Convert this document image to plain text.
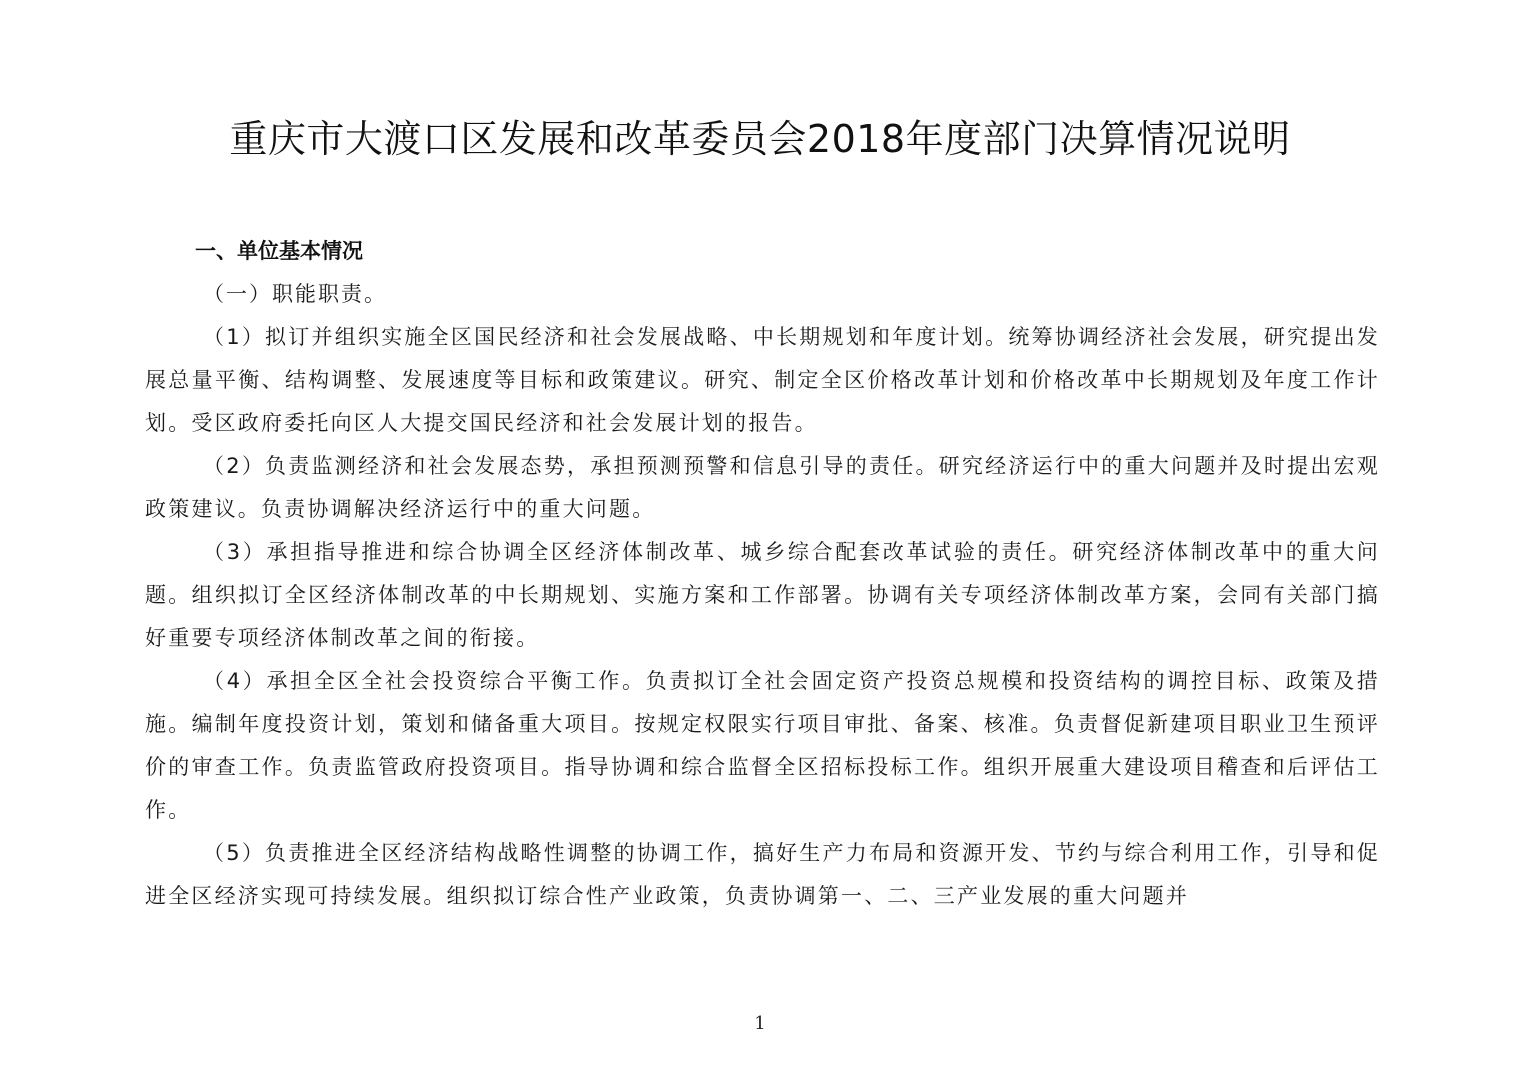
重庆市大渡口区发展和改革委员会2018年度部门决算情况说明
一、单位基本情况

（一）职能职责。

（1）拟订并组织实施全区国民经济和社会发展战略、中长期规划和年度计划。统筹协调经济社会发展，研究提出发展总量平衡、结构调整、发展速度等目标和政策建议。研究、制定全区价格改革计划和价格改革中长期规划及年度工作计划。受区政府委托向区人大提交国民经济和社会发展计划的报告。

（2）负责监测经济和社会发展态势，承担预测预警和信息引导的责任。研究经济运行中的重大问题并及时提出宏观政策建议。负责协调解决经济运行中的重大问题。

（3）承担指导推进和综合协调全区经济体制改革、城乡综合配套改革试验的责任。研究经济体制改革中的重大问题。组织拟订全区经济体制改革的中长期规划、实施方案和工作部署。协调有关专项经济体制改革方案，会同有关部门搞好重要专项经济体制改革之间的衔接。

（4）承担全区全社会投资综合平衡工作。负责拟订全社会固定资产投资总规模和投资结构的调控目标、政策及措施。编制年度投资计划，策划和储备重大项目。按规定权限实行项目审批、备案、核准。负责督促新建项目职业卫生预评价的审查工作。负责监管政府投资项目。指导协调和综合监督全区招标投标工作。组织开展重大建设项目稽查和后评估工作。

（5）负责推进全区经济结构战略性调整的协调工作，搞好生产力布局和资源开发、节约与综合利用工作，引导和促进全区经济实现可持续发展。组织拟订综合性产业政策，负责协调第一、二、三产业发展的重大问题并

1
